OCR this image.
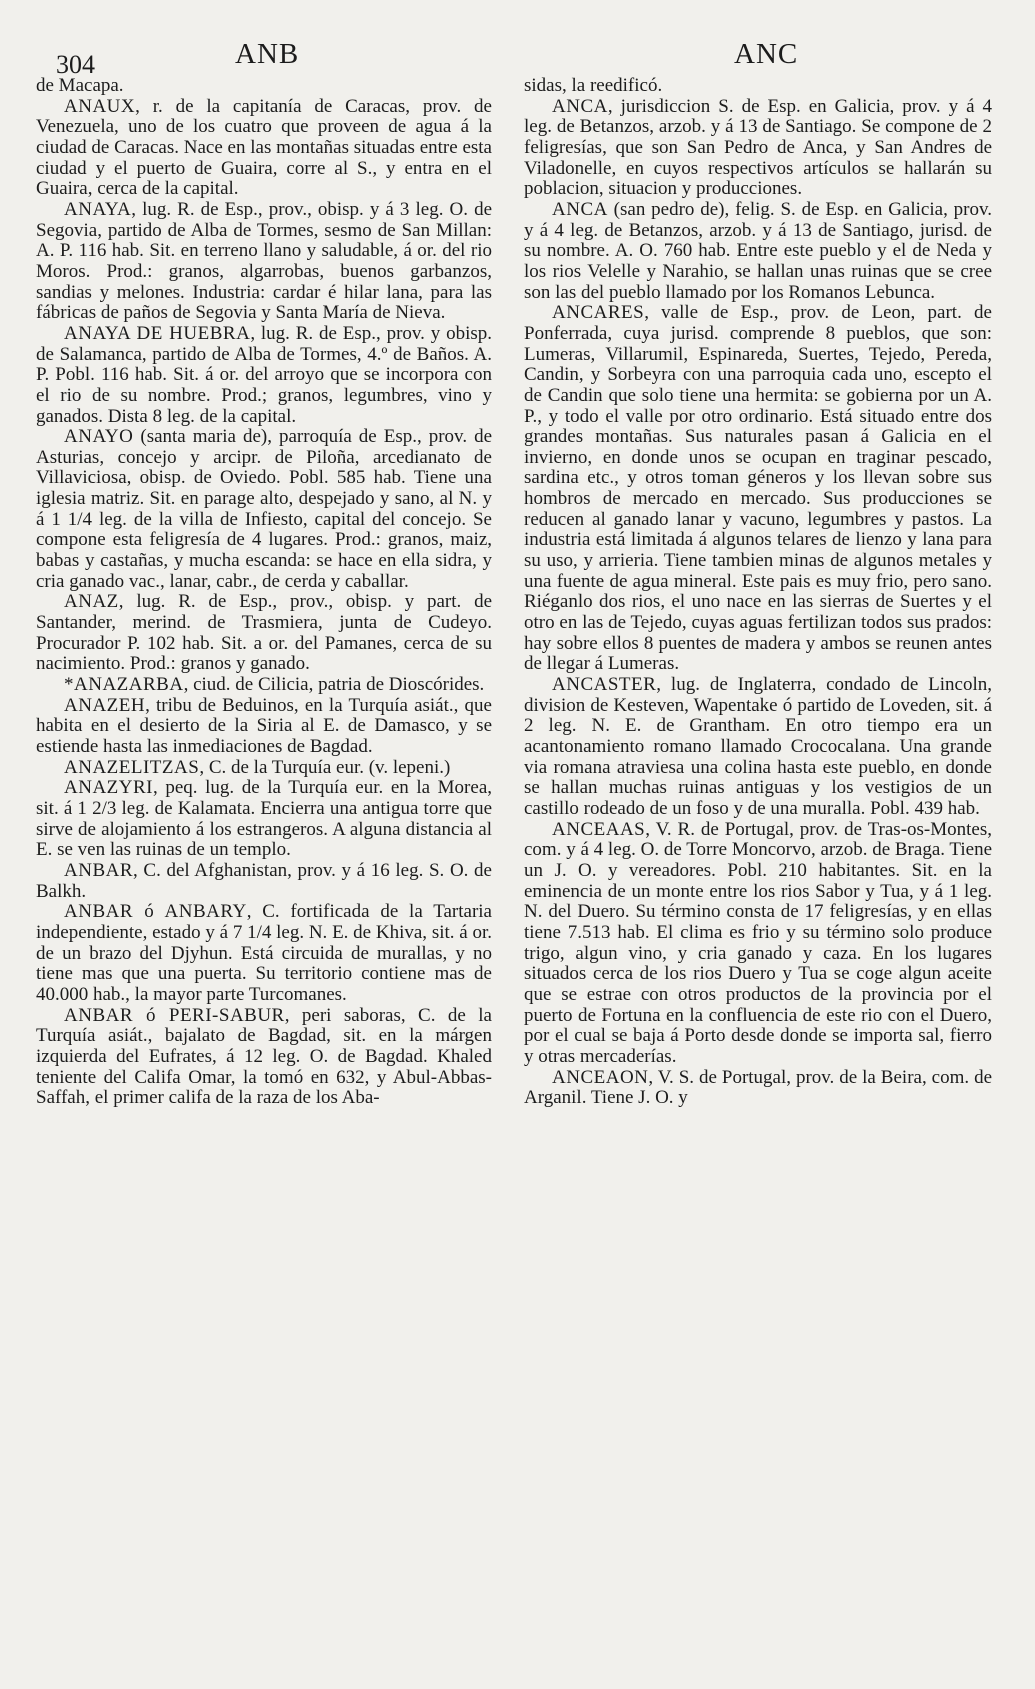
304	ANB	ANC

de Macapa.

ANAUX, r. de la capitanía de Caracas, prov. de Venezuela, uno de los cuatro que proveen de agua á la ciudad de Caracas. Nace en las montañas situadas entre esta ciudad y el puerto de Guaira, corre al S., y entra en el Guaira, cerca de la capital.

ANAYA, lug. R. de Esp., prov., obisp. y á 3 leg. O. de Segovia, partido de Alba de Tormes, sesmo de San Millan: A. P. 116 hab. Sit. en terreno llano y saludable, á or. del rio Moros. Prod.: granos, algarrobas, buenos garbanzos, sandias y melones. Industria: cardar é hilar lana, para las fábricas de paños de Segovia y Santa María de Nieva.

ANAYA DE HUEBRA, lug. R. de Esp., prov. y obisp. de Salamanca, partido de Alba de Tormes, 4.º de Baños. A. P. Pobl. 116 hab. Sit. á or. del arroyo que se incorpora con el rio de su nombre. Prod.; granos, legumbres, vino y ganados. Dista 8 leg. de la capital.

ANAYO (santa maria de), parroquía de Esp., prov. de Asturias, concejo y arcipr. de Piloña, arcedianato de Villaviciosa, obisp. de Oviedo. Pobl. 585 hab. Tiene una iglesia matriz. Sit. en parage alto, despejado y sano, al N. y á 1 1/4 leg. de la villa de Infiesto, capital del concejo. Se compone esta feligresía de 4 lugares. Prod.: granos, maiz, babas y castañas, y mucha escanda: se hace en ella sidra, y cria ganado vac., lanar, cabr., de cerda y caballar.

ANAZ, lug. R. de Esp., prov., obisp. y part. de Santander, merind. de Trasmiera, junta de Cudeyo. Procurador P. 102 hab. Sit. a or. del Pamanes, cerca de su nacimiento. Prod.: granos y ganado.

*ANAZARBA, ciud. de Cilicia, patria de Dioscórides.

ANAZEH, tribu de Beduinos, en la Turquía asiát., que habita en el desierto de la Siria al E. de Damasco, y se estiende hasta las inmediaciones de Bagdad.

ANAZELITZAS, C. de la Turquía eur. (v. lepeni.)

ANAZYRI, peq. lug. de la Turquía eur. en la Morea, sit. á 1 2/3 leg. de Kalamata. Encierra una antigua torre que sirve de alojamiento á los estrangeros. A alguna distancia al E. se ven las ruinas de un templo.

ANBAR, C. del Afghanistan, prov. y á 16 leg. S. O. de Balkh.

ANBAR ó ANBARY, C. fortificada de la Tartaria independiente, estado y á 7 1/4 leg. N. E. de Khiva, sit. á or. de un brazo del Djyhun. Está circuida de murallas, y no tiene mas que una puerta. Su territorio contiene mas de 40.000 hab., la mayor parte Turcomanes.

ANBAR ó PERI-SABUR, peri saboras, C. de la Turquía asiát., bajalato de Bagdad, sit. en la márgen izquierda del Eufrates, á 12 leg. O. de Bagdad. Khaled teniente del Califa Omar, la tomó en 632, y Abul-Abbas-Saffah, el primer califa de la raza de los Aba-

sidas, la reedificó.

ANCA, jurisdiccion S. de Esp. en Galicia, prov. y á 4 leg. de Betanzos, arzob. y á 13 de Santiago. Se compone de 2 feligresías, que son San Pedro de Anca, y San Andres de Viladonelle, en cuyos respectivos artículos se hallarán su poblacion, situacion y producciones.

ANCA (san pedro de), felig. S. de Esp. en Galicia, prov. y á 4 leg. de Betanzos, arzob. y á 13 de Santiago, jurisd. de su nombre. A. O. 760 hab. Entre este pueblo y el de Neda y los rios Velelle y Narahio, se hallan unas ruinas que se cree son las del pueblo llamado por los Romanos Lebunca.

ANCARES, valle de Esp., prov. de Leon, part. de Ponferrada, cuya jurisd. comprende 8 pueblos, que son: Lumeras, Villarumil, Espinareda, Suertes, Tejedo, Pereda, Candin, y Sorbeyra con una parroquia cada uno, escepto el de Candin que solo tiene una hermita: se gobierna por un A. P., y todo el valle por otro ordinario. Está situado entre dos grandes montañas. Sus naturales pasan á Galicia en el invierno, en donde unos se ocupan en traginar pescado, sardina etc., y otros toman géneros y los llevan sobre sus hombros de mercado en mercado. Sus producciones se reducen al ganado lanar y vacuno, legumbres y pastos. La industria está limitada á algunos telares de lienzo y lana para su uso, y arrieria. Tiene tambien minas de algunos metales y una fuente de agua mineral. Este pais es muy frio, pero sano. Riéganlo dos rios, el uno nace en las sierras de Suertes y el otro en las de Tejedo, cuyas aguas fertilizan todos sus prados: hay sobre ellos 8 puentes de madera y ambos se reunen antes de llegar á Lumeras.

ANCASTER, lug. de Inglaterra, condado de Lincoln, division de Kesteven, Wapentake ó partido de Loveden, sit. á 2 leg. N. E. de Grantham. En otro tiempo era un acantonamiento romano llamado Crococalana. Una grande via romana atraviesa una colina hasta este pueblo, en donde se hallan muchas ruinas antiguas y los vestigios de un castillo rodeado de un foso y de una muralla. Pobl. 439 hab.

ANCEAAS, V. R. de Portugal, prov. de Tras-os-Montes, com. y á 4 leg. O. de Torre Moncorvo, arzob. de Braga. Tiene un J. O. y vereadores. Pobl. 210 habitantes. Sit. en la eminencia de un monte entre los rios Sabor y Tua, y á 1 leg. N. del Duero. Su término consta de 17 feligresías, y en ellas tiene 7.513 hab. El clima es frio y su término solo produce trigo, algun vino, y cria ganado y caza. En los lugares situados cerca de los rios Duero y Tua se coge algun aceite que se estrae con otros productos de la provincia por el puerto de Fortuna en la confluencia de este rio con el Duero, por el cual se baja á Porto desde donde se importa sal, fierro y otras mercaderías.

ANCEAON, V. S. de Portugal, prov. de la Beira, com. de Arganil. Tiene J. O. y
